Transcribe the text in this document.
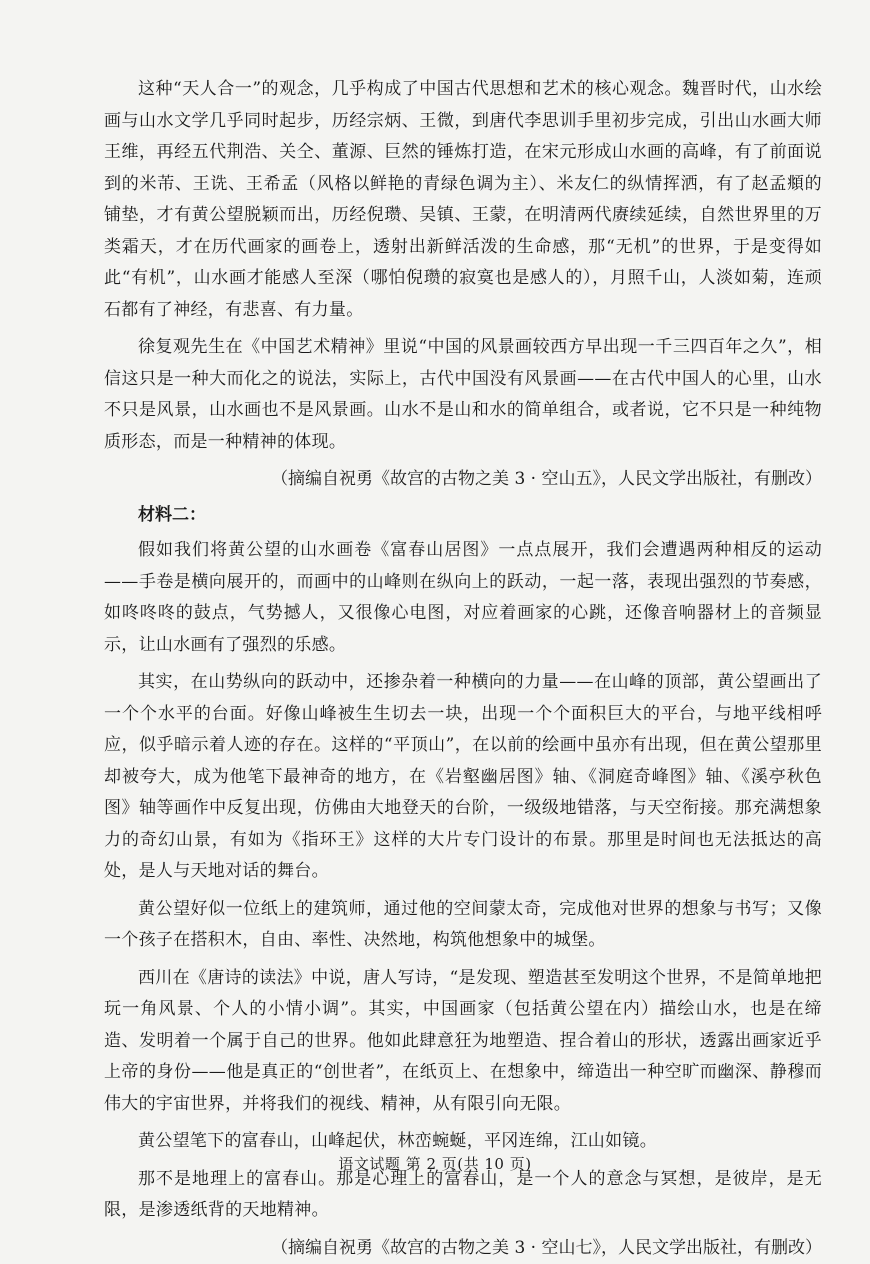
这种“天人合一”的观念，几乎构成了中国古代思想和艺术的核心观念。魏晋时代，山水绘画与山水文学几乎同时起步，历经宗炳、王微，到唐代李思训手里初步完成，引出山水画大师王维，再经五代荆浩、关仝、董源、巨然的锤炼打造，在宋元形成山水画的高峰，有了前面说到的米芾、王诜、王希孟（风格以鲜艳的青绿色调为主）、米友仁的纵情挥洒，有了赵孟頫的铺垫，才有黄公望脱颖而出，历经倪瓒、吴镇、王蒙，在明清两代赓续延续，自然世界里的万类霜天，才在历代画家的画卷上，透射出新鲜活泼的生命感，那“无机”的世界，于是变得如此“有机”，山水画才能感人至深（哪怕倪瓒的寂寞也是感人的），月照千山，人淡如菊，连顽石都有了神经，有悲喜、有力量。

徐复观先生在《中国艺术精神》里说“中国的风景画较西方早出现一千三四百年之久”，相信这只是一种大而化之的说法，实际上，古代中国没有风景画——在古代中国人的心里，山水不只是风景，山水画也不是风景画。山水不是山和水的简单组合，或者说，它不只是一种纯物质形态，而是一种精神的体现。

（摘编自祝勇《故宫的古物之美 3 · 空山五》，人民文学出版社，有删改）
材料二：

假如我们将黄公望的山水画卷《富春山居图》一点点展开，我们会遭遇两种相反的运动——手卷是横向展开的，而画中的山峰则在纵向上的跃动，一起一落，表现出强烈的节奏感，如咚咚咚的鼓点，气势撼人，又很像心电图，对应着画家的心跳，还像音响器材上的音频显示，让山水画有了强烈的乐感。

其实，在山势纵向的跃动中，还掺杂着一种横向的力量——在山峰的顶部，黄公望画出了一个个水平的台面。好像山峰被生生切去一块，出现一个个面积巨大的平台，与地平线相呼应，似乎暗示着人迹的存在。这样的“平顶山”，在以前的绘画中虽亦有出现，但在黄公望那里却被夸大，成为他笔下最神奇的地方，在《岩壑幽居图》轴、《洞庭奇峰图》轴、《溪亭秋色图》轴等画作中反复出现，仿佛由大地登天的台阶，一级级地错落，与天空衔接。那充满想象力的奇幻山景，有如为《指环王》这样的大片专门设计的布景。那里是时间也无法抵达的高处，是人与天地对话的舞台。

黄公望好似一位纸上的建筑师，通过他的空间蒙太奇，完成他对世界的想象与书写；又像一个孩子在搭积木，自由、率性、决然地，构筑他想象中的城堡。

西川在《唐诗的读法》中说，唐人写诗，“是发现、塑造甚至发明这个世界，不是简单地把玩一角风景、个人的小情小调”。其实，中国画家（包括黄公望在内）描绘山水，也是在缔造、发明着一个属于自己的世界。他如此肆意狂为地塑造、捏合着山的形状，透露出画家近乎上帝的身份——他是真正的“创世者”，在纸页上、在想象中，缔造出一种空旷而幽深、静穆而伟大的宇宙世界，并将我们的视线、精神，从有限引向无限。

黄公望笔下的富春山，山峰起伏，林峦蜿蜒，平冈连绵，江山如镜。

那不是地理上的富春山。那是心理上的富春山，是一个人的意念与冥想，是彼岸，是无限，是渗透纸背的天地精神。

（摘编自祝勇《故宫的古物之美 3 · 空山七》，人民文学出版社，有删改）
语文试题 第 2 页(共 10 页)
